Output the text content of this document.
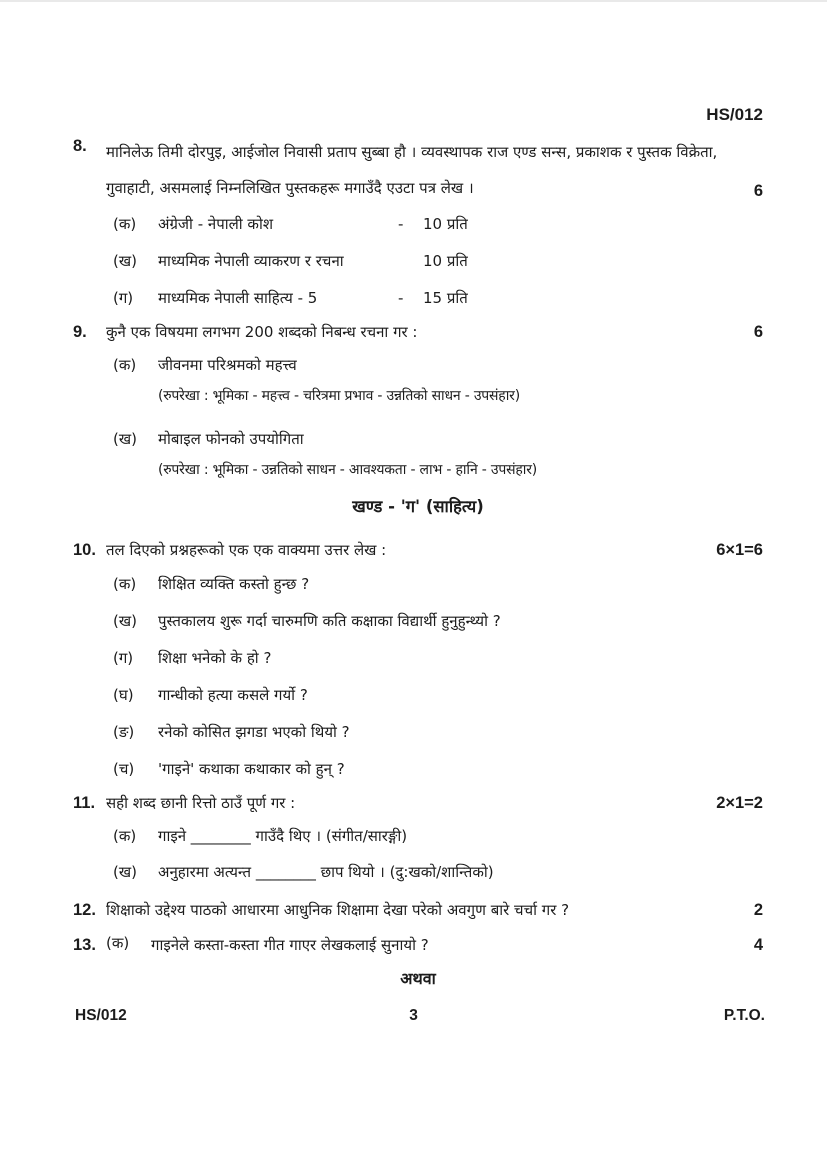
HS/012
8.	मानिलेऊ तिमी दोरपुइ, आईजोल निवासी प्रताप सुब्बा हौ । व्यवस्थापक राज एण्ड सन्स, प्रकाशक र पुस्तक विक्रेता, गुवाहाटी, असमलाई निम्नलिखित पुस्तकहरू मगाउँदै एउटा पत्र लेख ।	6
(क)	अंग्रेजी - नेपाली कोश	-	10 प्रति
(ख)	माध्यमिक नेपाली व्याकरण र रचना	10 प्रति
(ग)	माध्यमिक नेपाली साहित्य - 5	-	15 प्रति
9.	कुनै एक विषयमा लगभग 200 शब्दको निबन्ध रचना गर :	6
(क)	जीवनमा परिश्रमको महत्त्व
(रुपरेखा : भूमिका - महत्त्व - चरित्रमा प्रभाव - उन्नतिको साधन - उपसंहार)
(ख)	मोबाइल फोनको उपयोगिता
(रुपरेखा : भूमिका - उन्नतिको साधन - आवश्यकता - लाभ - हानि - उपसंहार)
खण्ड - 'ग' (साहित्य)
10. तल दिएको प्रश्नहरूको एक एक वाक्यमा उत्तर लेख :	6×1=6
(क)	शिक्षित व्यक्ति कस्तो हुन्छ ?
(ख)	पुस्तकालय शुरू गर्दा चारुमणि कति कक्षाका विद्यार्थी हुनुहुन्थ्यो ?
(ग)	शिक्षा भनेको के हो ?
(घ)	गान्धीको हत्या कसले गर्यो ?
(ङ)	रनेको कोसित झगडा भएको थियो ?
(च)	'गाइने' कथाका कथाकार को हुन् ?
11. सही शब्द छानी रित्तो ठाउँ पूर्ण गर :	2×1=2
(क)	गाइने ________ गाउँदै थिए । (संगीत/सारङ्गी)
(ख)	अनुहारमा अत्यन्त ________ छाप थियो । (दु:खको/शान्तिको)
12. शिक्षाको उद्देश्य पाठको आधारमा आधुनिक शिक्षामा देखा परेको अवगुण बारे चर्चा गर ?	2
13. (क)	गाइनेले कस्ता-कस्ता गीत गाएर लेखकलाई सुनायो ?	4
अथवा
HS/012	3	P.T.O.
